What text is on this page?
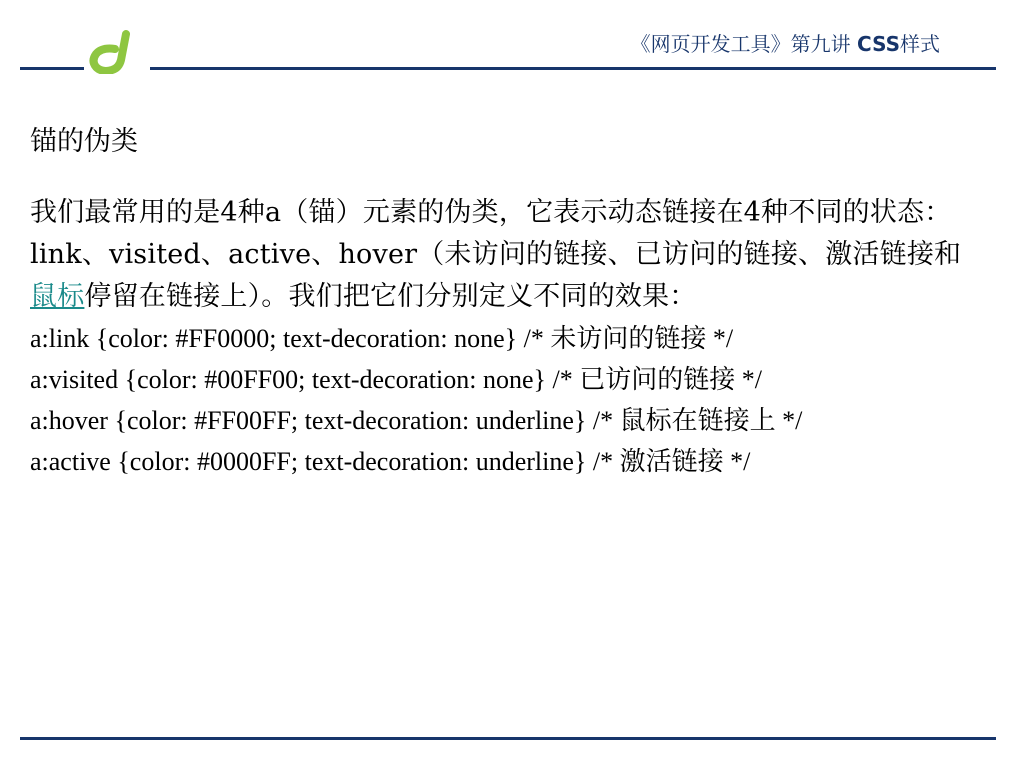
《网页开发工具》第九讲 CSS样式

锚的伪类

我们最常用的是4种a（锚）元素的伪类，它表示动态链接在4种不同的状态：link、visited、active、hover（未访问的链接、已访问的链接、激活链接和鼠标停留在链接上）。我们把它们分别定义不同的效果：

a:link {color: #FF0000; text-decoration: none} /* 未访问的链接 */
a:visited {color: #00FF00; text-decoration: none} /* 已访问的链接 */
a:hover {color: #FF00FF; text-decoration: underline} /* 鼠标在链接上 */
a:active {color: #0000FF; text-decoration: underline} /* 激活链接 */
